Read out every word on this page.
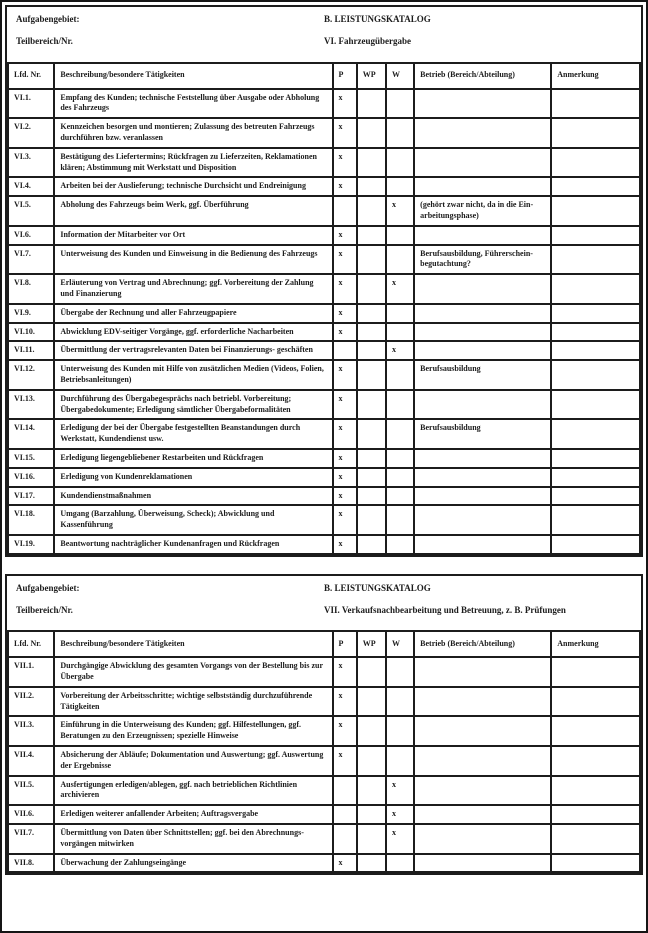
Aufgabengebiet:
Teilbereich/Nr.
B. LEISTUNGSKATALOG
VI. Fahrzeugübergabe
Lfd. Nr.	Beschreibung/besondere Tätigkeiten	P	WP	W	Betrieb (Bereich/Abteilung)	Anmerkung
VI.1.	Empfang des Kunden; technische Feststellung über Ausgabe oder Abholung des Fahrzeugs	x				
VI.2.	Kennzeichen besorgen und montieren; Zulassung des betreuten Fahrzeugs durchführen bzw. veranlassen	x				
VI.3.	Bestätigung des Liefertermins; Rückfragen zu Lieferzeiten, Reklamationen klären; Abstimmung mit Werkstatt und Disposition	x				
VI.4.	Arbeiten bei der Auslieferung; technische Durchsicht und Endreinigung	x				
VI.5.	Abholung des Fahrzeugs beim Werk, ggf. Überführung			x	(gehört zwar nicht, da in die Ein- arbeitungsphase)	
VI.6.	Information der Mitarbeiter vor Ort	x				
VI.7.	Unterweisung des Kunden und Einweisung in die Bedienung des Fahrzeugs	x			Berufsausbildung, Führerschein- begutachtung?	
VI.8.	Erläuterung von Vertrag und Abrechnung; ggf. Vorbereitung der Zahlung und Finanzierung	x		x		
VI.9.	Übergabe der Rechnung und aller Fahrzeugpapiere	x				
VI.10.	Abwicklung EDV-seitiger Vorgänge, ggf. erforderliche Nacharbeiten	x				
VI.11.	Übermittlung der vertragsrelevanten Daten bei Finanzierungs- geschäften			x		
VI.12.	Unterweisung des Kunden mit Hilfe von zusätzlichen Medien (Videos, Folien, Betriebsanleitungen)	x			Berufsausbildung	
VI.13.	Durchführung des Übergabegesprächs nach betriebl. Vorbereitung; Übergabedokumente; Erledigung sämtlicher Übergabeformalitäten	x				
VI.14.	Erledigung der bei der Übergabe festgestellten Beanstandungen durch Werkstatt, Kundendienst usw.	x			Berufsausbildung	
VI.15.	Erledigung liegengebliebener Restarbeiten und Rückfragen	x				
VI.16.	Erledigung von Kundenreklamationen	x				
VI.17.	Kundendienstmaßnahmen	x				
VI.18.	Umgang (Barzahlung, Überweisung, Scheck); Abwicklung und Kassenführung	x				
VI.19.	Beantwortung nachträglicher Kundenanfragen und Rückfragen	x				
Aufgabengebiet:
Teilbereich/Nr.
B. LEISTUNGSKATALOG
VII. Verkaufsnachbearbeitung und Betreuung, z. B. Prüfungen
Lfd. Nr.	Beschreibung/besondere Tätigkeiten	P	WP	W	Betrieb (Bereich/Abteilung)	Anmerkung
VII.1.	Durchgängige Abwicklung des gesamten Vorgangs von der Bestellung bis zur Übergabe	x				
VII.2.	Vorbereitung der Arbeitsschritte; wichtige selbstständig durchzuführende Tätigkeiten	x				
VII.3.	Einführung in die Unterweisung des Kunden; ggf. Hilfestellungen, ggf. Beratungen zu den Erzeugnissen; spezielle Hinweise	x				
VII.4.	Absicherung der Abläufe; Dokumentation und Auswertung; ggf. Auswertung der Ergebnisse	x				
VII.5.	Ausfertigungen erledigen/ablegen, ggf. nach betrieblichen Richtlinien archivieren			x		
VII.6.	Erledigen weiterer anfallender Arbeiten; Auftragsvergabe			x		
VII.7.	Übermittlung von Daten über Schnittstellen; ggf. bei den Abrechnungs- vorgängen mitwirken			x		
VII.8.	Überwachung der Zahlungseingänge	x				
